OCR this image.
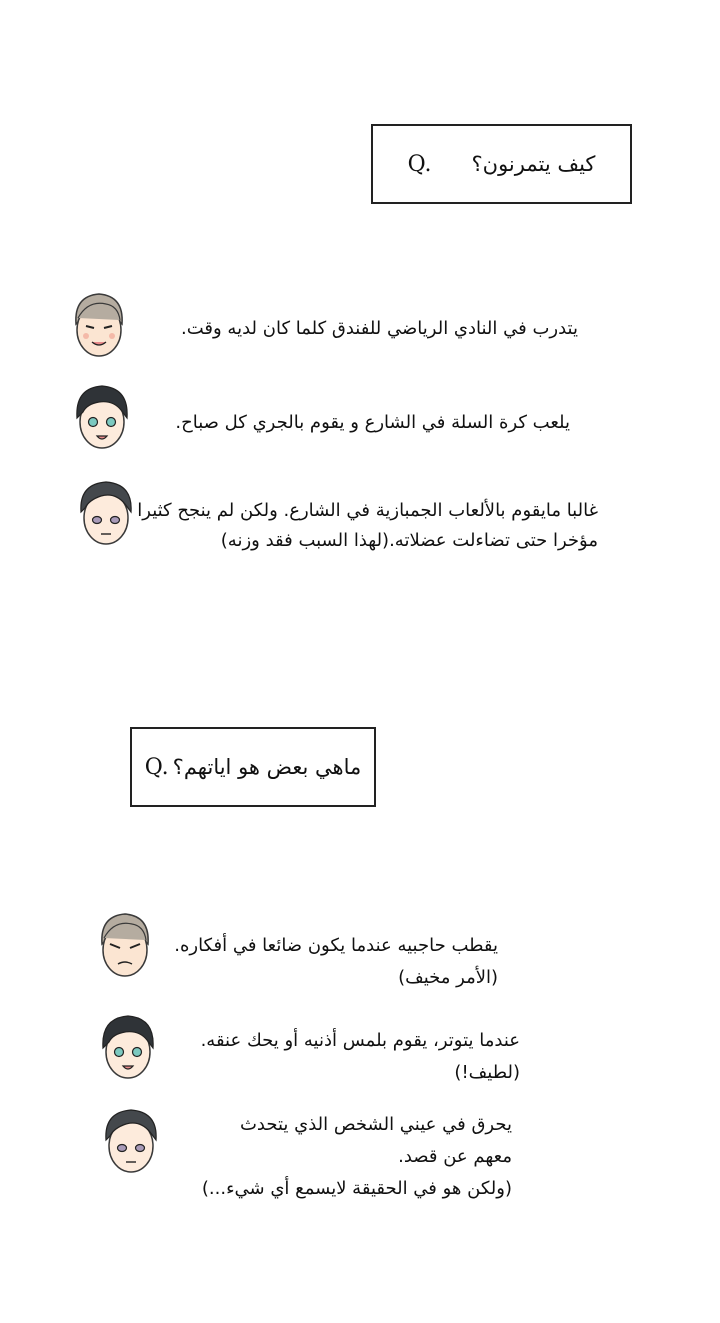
كيف يتمرنون؟
Q.
يتدرب في النادي الرياضي للفندق كلما كان لديه وقت.
يلعب كرة السلة في الشارع و يقوم بالجري كل صباح.
غالبا مايقوم بالألعاب الجمبازية في الشارع. ولكن لم ينجح كثيرا
مؤخرا حتى تضاءلت عضلاته.(لهذا السبب فقد وزنه)
ماهي بعض هو اياتهم؟
Q.
يقطب حاجبيه عندما يكون ضائعا في أفكاره.
(الأمر مخيف)
عندما يتوتر، يقوم بلمس أذنيه أو يحك عنقه.
(لطيف!)
يحرق في عيني الشخص الذي يتحدث
معهم عن قصد.
(ولكن هو في الحقيقة لايسمع أي شيء...)
